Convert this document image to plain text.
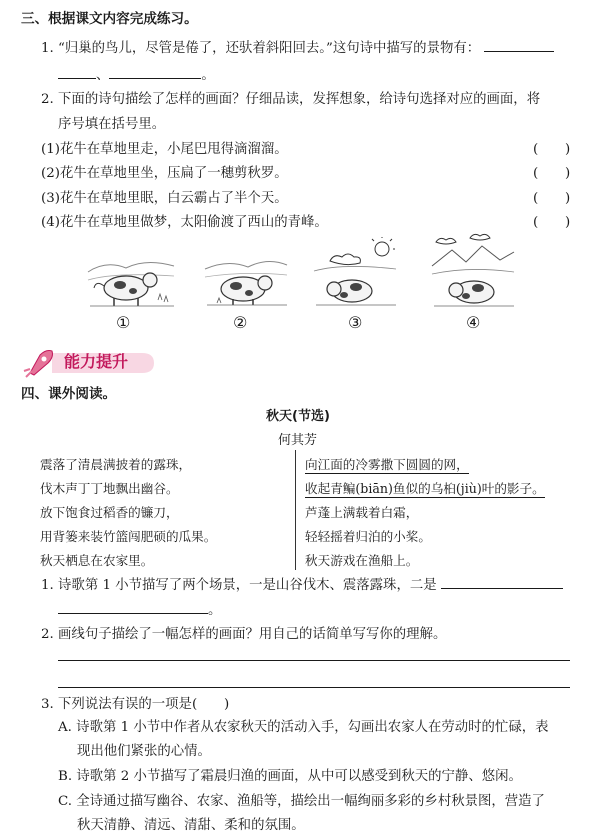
三、根据课文内容完成练习。
1. “归巢的鸟儿，尽管是倦了，还驮着斜阳回去。”这句诗中描写的景物有：
、	。
2. 下面的诗句描绘了怎样的画面？仔细品读，发挥想象，给诗句选择对应的画面，将
序号填在括号里。
(1)花牛在草地里走，小尾巴甩得滴溜溜。	(　　)
(2)花牛在草地里坐，压扁了一穗剪秋罗。	(　　)
(3)花牛在草地里眠，白云霸占了半个天。	(　　)
(4)花牛在草地里做梦，太阳偷渡了西山的青峰。	(　　)
①	②	③	④
能力提升
四、课外阅读。
秋天(节选)
何其芳
震落了清晨满披着的露珠，
伐木声丁丁地飘出幽谷。
放下饱食过稻香的镰刀，
用背篓来装竹篮闯肥硕的瓜果。
秋天栖息在农家里。
向江面的冷雾撒下圆圆的网，
收起青鳊(biān)鱼似的乌桕(jiù)叶的影子。
芦蓬上满载着白霜，
轻轻摇着归泊的小桨。
秋天游戏在渔船上。
1. 诗歌第 1 小节描写了两个场景，一是山谷伐木、震落露珠，二是
。
2. 画线句子描绘了一幅怎样的画面？用自己的话简单写写你的理解。
3. 下列说法有误的一项是(　　)
A. 诗歌第 1 小节中作者从农家秋天的活动入手，勾画出农家人在劳动时的忙碌，表
现出他们紧张的心情。
B. 诗歌第 2 小节描写了霜晨归渔的画面，从中可以感受到秋天的宁静、悠闲。
C. 全诗通过描写幽谷、农家、渔船等，描绘出一幅绚丽多彩的乡村秋景图，营造了
秋天清静、清远、清甜、柔和的氛围。
